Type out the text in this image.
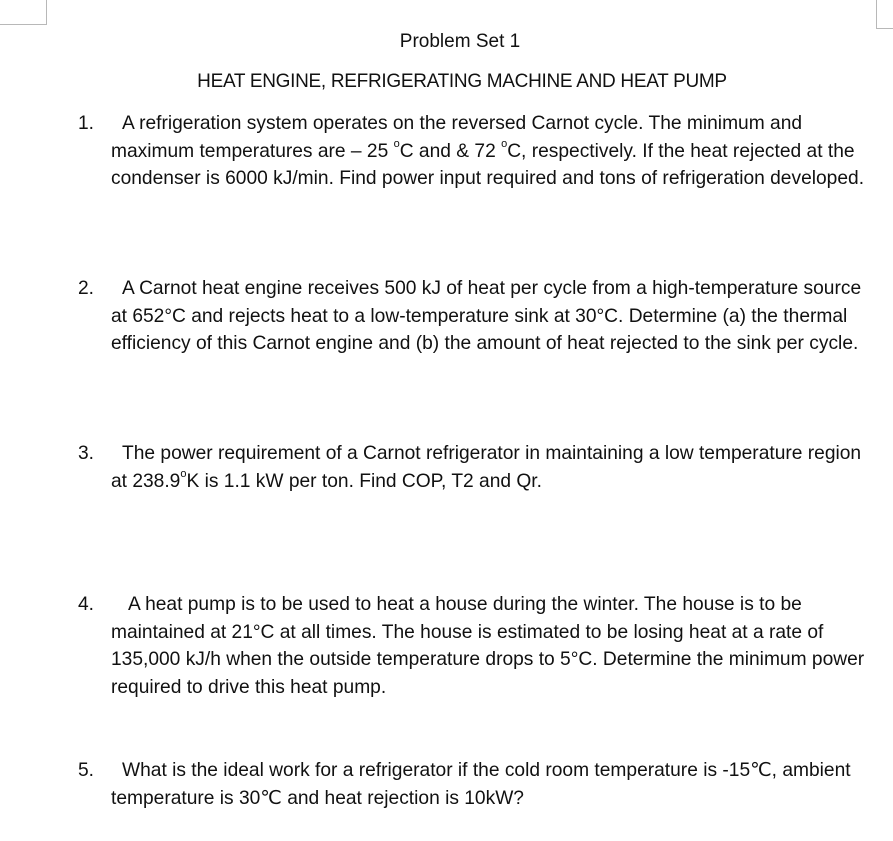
Problem Set 1
HEAT ENGINE, REFRIGERATING MACHINE AND HEAT PUMP
1.	A refrigeration system operates on the reversed Carnot cycle. The minimum and maximum temperatures are – 25 $^o$C and & 72 $^o$C, respectively. If the heat rejected at the condenser is 6000 kJ/min. Find power input required and tons of refrigeration developed.
2.	A Carnot heat engine receives 500 kJ of heat per cycle from a high-temperature source at 652°C and rejects heat to a low-temperature sink at 30°C. Determine (a) the thermal efficiency of this Carnot engine and (b) the amount of heat rejected to the sink per cycle.
3.	The power requirement of a Carnot refrigerator in maintaining a low temperature region at 238.9$^o$K is 1.1 kW per ton. Find COP, T2 and Qr.
4.	A heat pump is to be used to heat a house during the winter. The house is to be maintained at 21°C at all times. The house is estimated to be losing heat at a rate of 135,000 kJ/h when the outside temperature drops to 5°C. Determine the minimum power required to drive this heat pump.
5.	What is the ideal work for a refrigerator if the cold room temperature is -15℃, ambient temperature is 30℃ and heat rejection is 10kW?
